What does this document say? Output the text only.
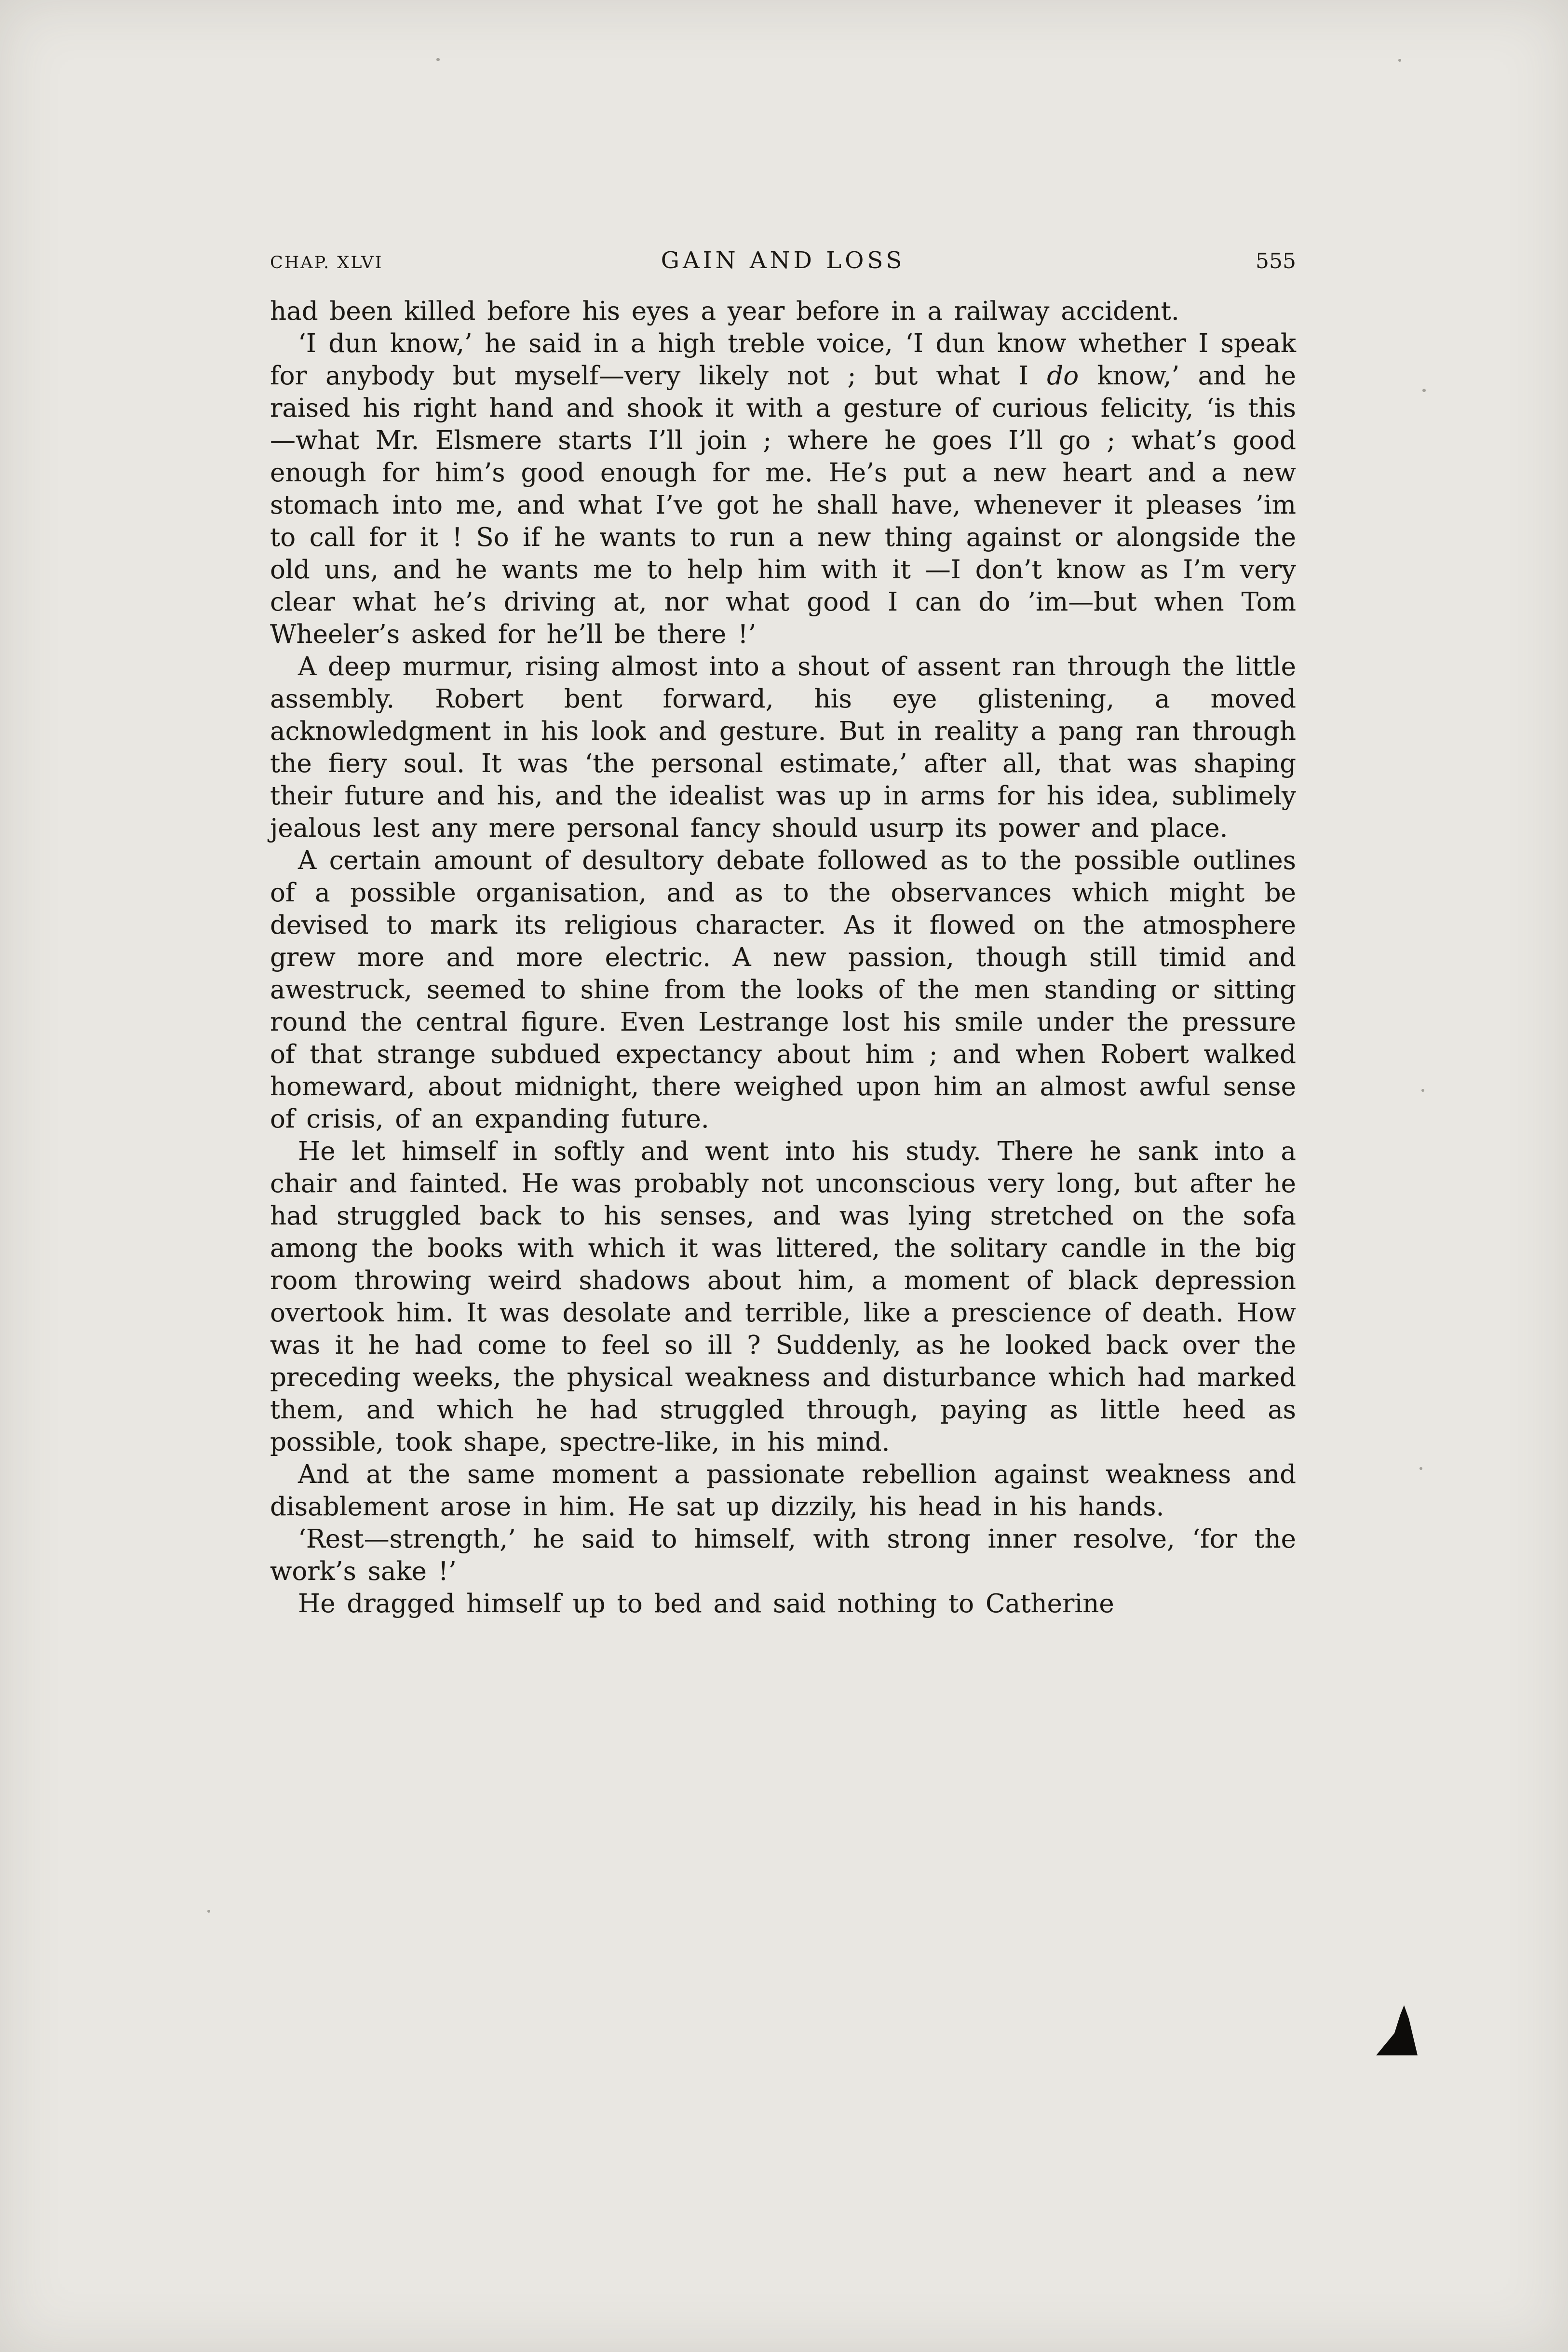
CHAP. XLVI	GAIN AND LOSS	555

had been killed before his eyes a year before in a railway accident.

‘I dun know,’ he said in a high treble voice, ‘I dun know whether I speak for anybody but myself—very likely not ; but what I do know,’ and he raised his right hand and shook it with a gesture of curious felicity, ‘is this—what Mr. Elsmere starts I’ll join ; where he goes I’ll go ; what’s good enough for him’s good enough for me. He’s put a new heart and a new stomach into me, and what I’ve got he shall have, whenever it pleases ’im to call for it ! So if he wants to run a new thing against or alongside the old uns, and he wants me to help him with it —I don’t know as I’m very clear what he’s driving at, nor what good I can do ’im—but when Tom Wheeler’s asked for he’ll be there !’

A deep murmur, rising almost into a shout of assent ran through the little assembly. Robert bent forward, his eye glistening, a moved acknowledgment in his look and gesture. But in reality a pang ran through the fiery soul. It was ‘the personal estimate,’ after all, that was shaping their future and his, and the idealist was up in arms for his idea, sublimely jealous lest any mere personal fancy should usurp its power and place.

A certain amount of desultory debate followed as to the possible outlines of a possible organisation, and as to the observances which might be devised to mark its religious character. As it flowed on the atmosphere grew more and more electric. A new passion, though still timid and awestruck, seemed to shine from the looks of the men standing or sitting round the central figure. Even Lestrange lost his smile under the pressure of that strange subdued expectancy about him ; and when Robert walked homeward, about midnight, there weighed upon him an almost awful sense of crisis, of an expanding future.

He let himself in softly and went into his study. There he sank into a chair and fainted. He was probably not unconscious very long, but after he had struggled back to his senses, and was lying stretched on the sofa among the books with which it was littered, the solitary candle in the big room throwing weird shadows about him, a moment of black depression overtook him. It was desolate and terrible, like a prescience of death. How was it he had come to feel so ill ? Suddenly, as he looked back over the preceding weeks, the physical weakness and disturbance which had marked them, and which he had struggled through, paying as little heed as possible, took shape, spectre-like, in his mind.

And at the same moment a passionate rebellion against weakness and disablement arose in him. He sat up dizzily, his head in his hands.

‘Rest—strength,’ he said to himself, with strong inner resolve, ‘for the work’s sake !’

He dragged himself up to bed and said nothing to Catherine
